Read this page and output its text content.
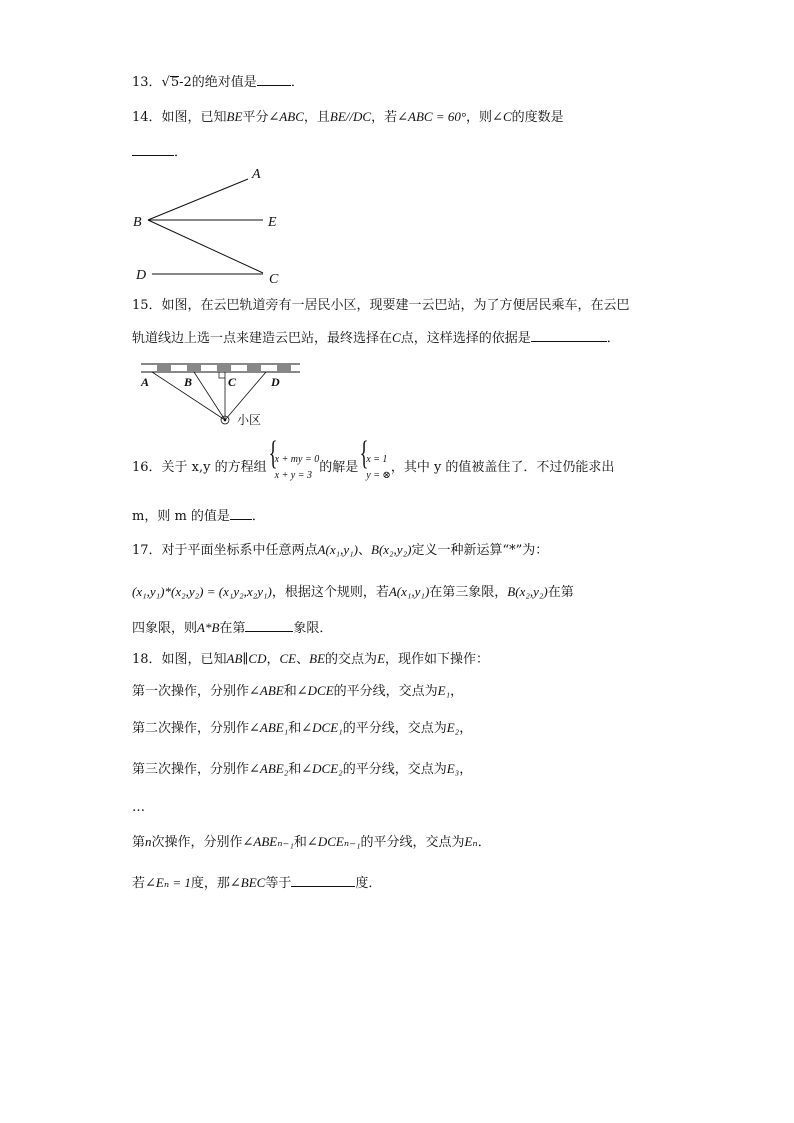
13．√5-2的绝对值是	．
14．如图，已知BE平分∠ABC，且BE//DC，若∠ABC = 60°，则∠C的度数是
．
A
B	E
D	C
15．如图，在云巴轨道旁有一居民小区，现要建一云巴站，为了方便居民乘车，在云巴
轨道线边上选一点来建造云巴站，最终选择在C点，这样选择的依据是	．
A	B	C	D
小区
16．关于 x,y 的方程组
{ x + my = 0
x + y = 3 的解是
{ x = 1
y = ⊗ ，其中 y 的值被盖住了．不过仍能求出
m，则 m 的值是 ．
17．对于平面坐标系中任意两点A(x₁,y₁)、B(x₂,y₂)定义一种新运算“*”为：
(x₁,y₁)*(x₂,y₂) = (x₁y₂,x₂y₁)，根据这个规则，若A(x₁,y₁)在第三象限，B(x₂,y₂)在第
四象限，则A*B在第	象限．
18．如图，已知AB∥CD，CE、BE的交点为E，现作如下操作：
第一次操作，分别作∠ABE和∠DCE的平分线，交点为E₁，
第二次操作，分别作∠ABE₁和∠DCE₁的平分线，交点为E₂，
第三次操作，分别作∠ABE₂和∠DCE₂的平分线，交点为E₃，
…
第n次操作，分别作∠ABEₙ₋₁和∠DCEₙ₋₁的平分线，交点为Eₙ．
若∠Eₙ = 1度，那∠BEC等于	度．
